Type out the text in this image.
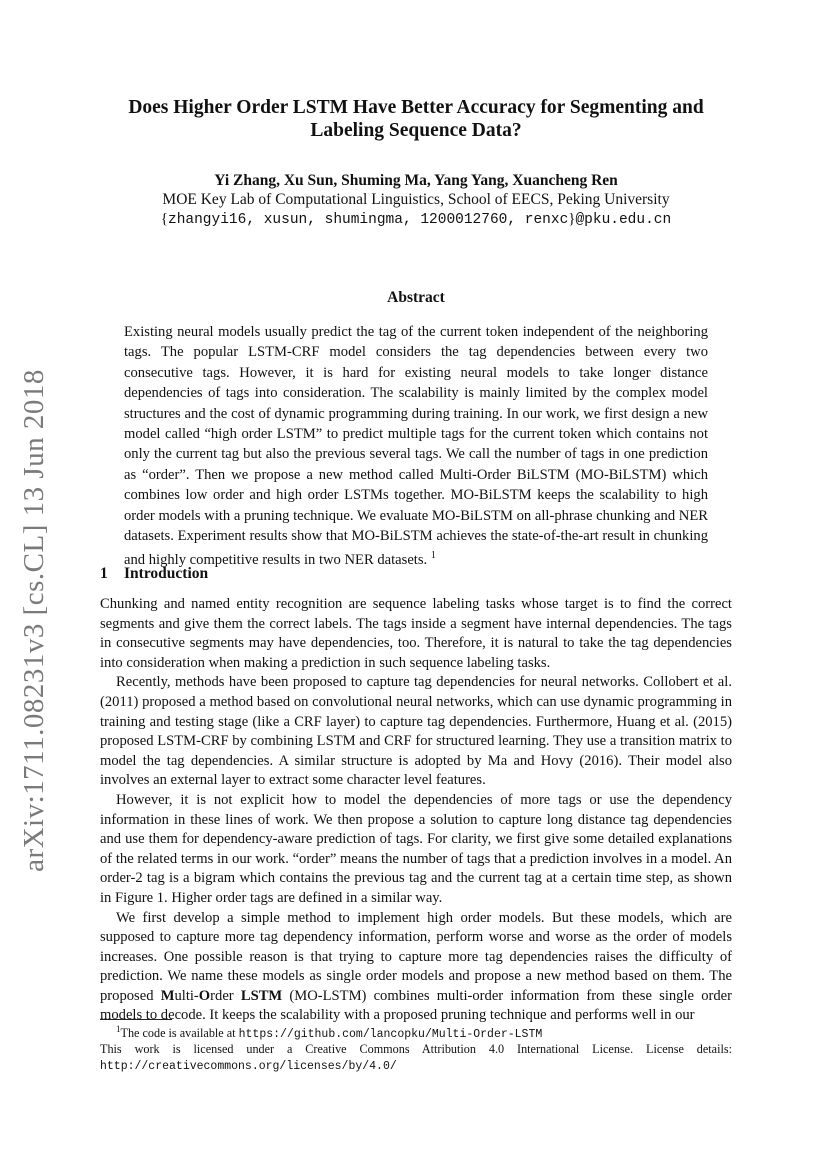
arXiv:1711.08231v3 [cs.CL] 13 Jun 2018
Does Higher Order LSTM Have Better Accuracy for Segmenting and Labeling Sequence Data?
Yi Zhang, Xu Sun, Shuming Ma, Yang Yang, Xuancheng Ren
MOE Key Lab of Computational Linguistics, School of EECS, Peking University
{zhangyi16, xusun, shumingma, 1200012760, renxc}@pku.edu.cn
Abstract
Existing neural models usually predict the tag of the current token independent of the neighboring tags. The popular LSTM-CRF model considers the tag dependencies between every two consecutive tags. However, it is hard for existing neural models to take longer distance dependencies of tags into consideration. The scalability is mainly limited by the complex model structures and the cost of dynamic programming during training. In our work, we first design a new model called “high order LSTM” to predict multiple tags for the current token which contains not only the current tag but also the previous several tags. We call the number of tags in one prediction as “order”. Then we propose a new method called Multi-Order BiLSTM (MO-BiLSTM) which combines low order and high order LSTMs together. MO-BiLSTM keeps the scalability to high order models with a pruning technique. We evaluate MO-BiLSTM on all-phrase chunking and NER datasets. Experiment results show that MO-BiLSTM achieves the state-of-the-art result in chunking and highly competitive results in two NER datasets. $^1$
1 Introduction

Chunking and named entity recognition are sequence labeling tasks whose target is to find the correct segments and give them the correct labels. The tags inside a segment have internal dependencies. The tags in consecutive segments may have dependencies, too. Therefore, it is natural to take the tag dependencies into consideration when making a prediction in such sequence labeling tasks.

Recently, methods have been proposed to capture tag dependencies for neural networks. Collobert et al. (2011) proposed a method based on convolutional neural networks, which can use dynamic programming in training and testing stage (like a CRF layer) to capture tag dependencies. Furthermore, Huang et al. (2015) proposed LSTM-CRF by combining LSTM and CRF for structured learning. They use a transition matrix to model the tag dependencies. A similar structure is adopted by Ma and Hovy (2016). Their model also involves an external layer to extract some character level features.

However, it is not explicit how to model the dependencies of more tags or use the dependency information in these lines of work. We then propose a solution to capture long distance tag dependencies and use them for dependency-aware prediction of tags. For clarity, we first give some detailed explanations of the related terms in our work. “order” means the number of tags that a prediction involves in a model. An order-2 tag is a bigram which contains the previous tag and the current tag at a certain time step, as shown in Figure 1. Higher order tags are defined in a similar way.

We first develop a simple method to implement high order models. But these models, which are supposed to capture more tag dependency information, perform worse and worse as the order of models increases. One possible reason is that trying to capture more tag dependencies raises the difficulty of prediction. We name these models as single order models and propose a new method based on them. The proposed Multi-Order LSTM (MO-LSTM) combines multi-order information from these single order models to decode. It keeps the scalability with a proposed pruning technique and performs well in our

$^1$The code is available at https://github.com/lancopku/Multi-Order-LSTM
This work is licensed under a Creative Commons Attribution 4.0 International License. License details: http://creativecommons.org/licenses/by/4.0/
